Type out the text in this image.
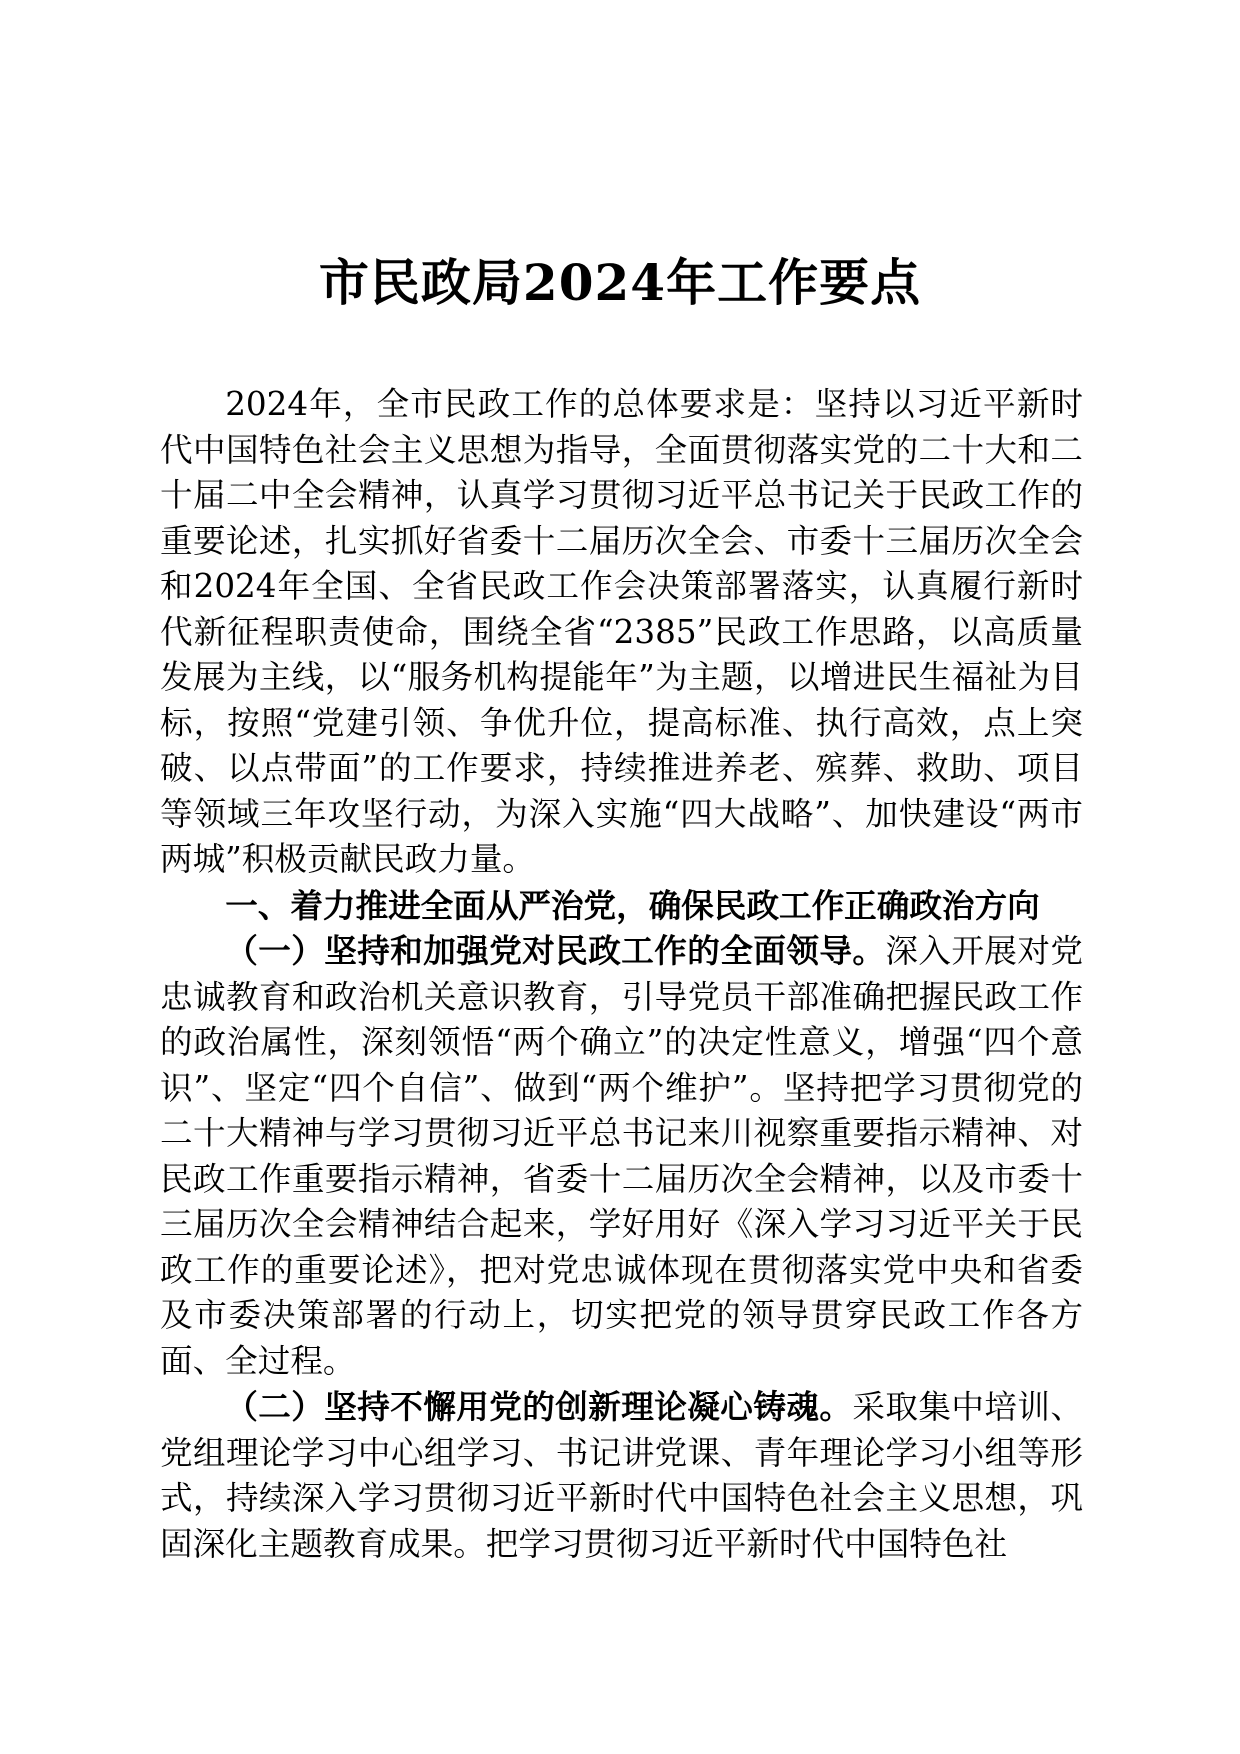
市民政局2024年工作要点

2024年，全市民政工作的总体要求是：坚持以习近平新时代中国特色社会主义思想为指导，全面贯彻落实党的二十大和二十届二中全会精神，认真学习贯彻习近平总书记关于民政工作的重要论述，扎实抓好省委十二届历次全会、市委十三届历次全会和2024年全国、全省民政工作会决策部署落实，认真履行新时代新征程职责使命，围绕全省“2385”民政工作思路，以高质量发展为主线，以“服务机构提能年”为主题，以增进民生福祉为目标，按照“党建引领、争优升位，提高标准、执行高效，点上突破、以点带面”的工作要求，持续推进养老、殡葬、救助、项目等领域三年攻坚行动，为深入实施“四大战略”、加快建设“两市两城”积极贡献民政力量。

一、着力推进全面从严治党，确保民政工作正确政治方向

（一）坚持和加强党对民政工作的全面领导。深入开展对党忠诚教育和政治机关意识教育，引导党员干部准确把握民政工作的政治属性，深刻领悟“两个确立”的决定性意义，增强“四个意识”、坚定“四个自信”、做到“两个维护”。坚持把学习贯彻党的二十大精神与学习贯彻习近平总书记来川视察重要指示精神、对民政工作重要指示精神，省委十二届历次全会精神，以及市委十三届历次全会精神结合起来，学好用好《深入学习习近平关于民政工作的重要论述》，把对党忠诚体现在贯彻落实党中央和省委及市委决策部署的行动上，切实把党的领导贯穿民政工作各方面、全过程。

（二）坚持不懈用党的创新理论凝心铸魂。采取集中培训、党组理论学习中心组学习、书记讲党课、青年理论学习小组等形式，持续深入学习贯彻习近平新时代中国特色社会主义思想，巩固深化主题教育成果。把学习贯彻习近平新时代中国特色社
